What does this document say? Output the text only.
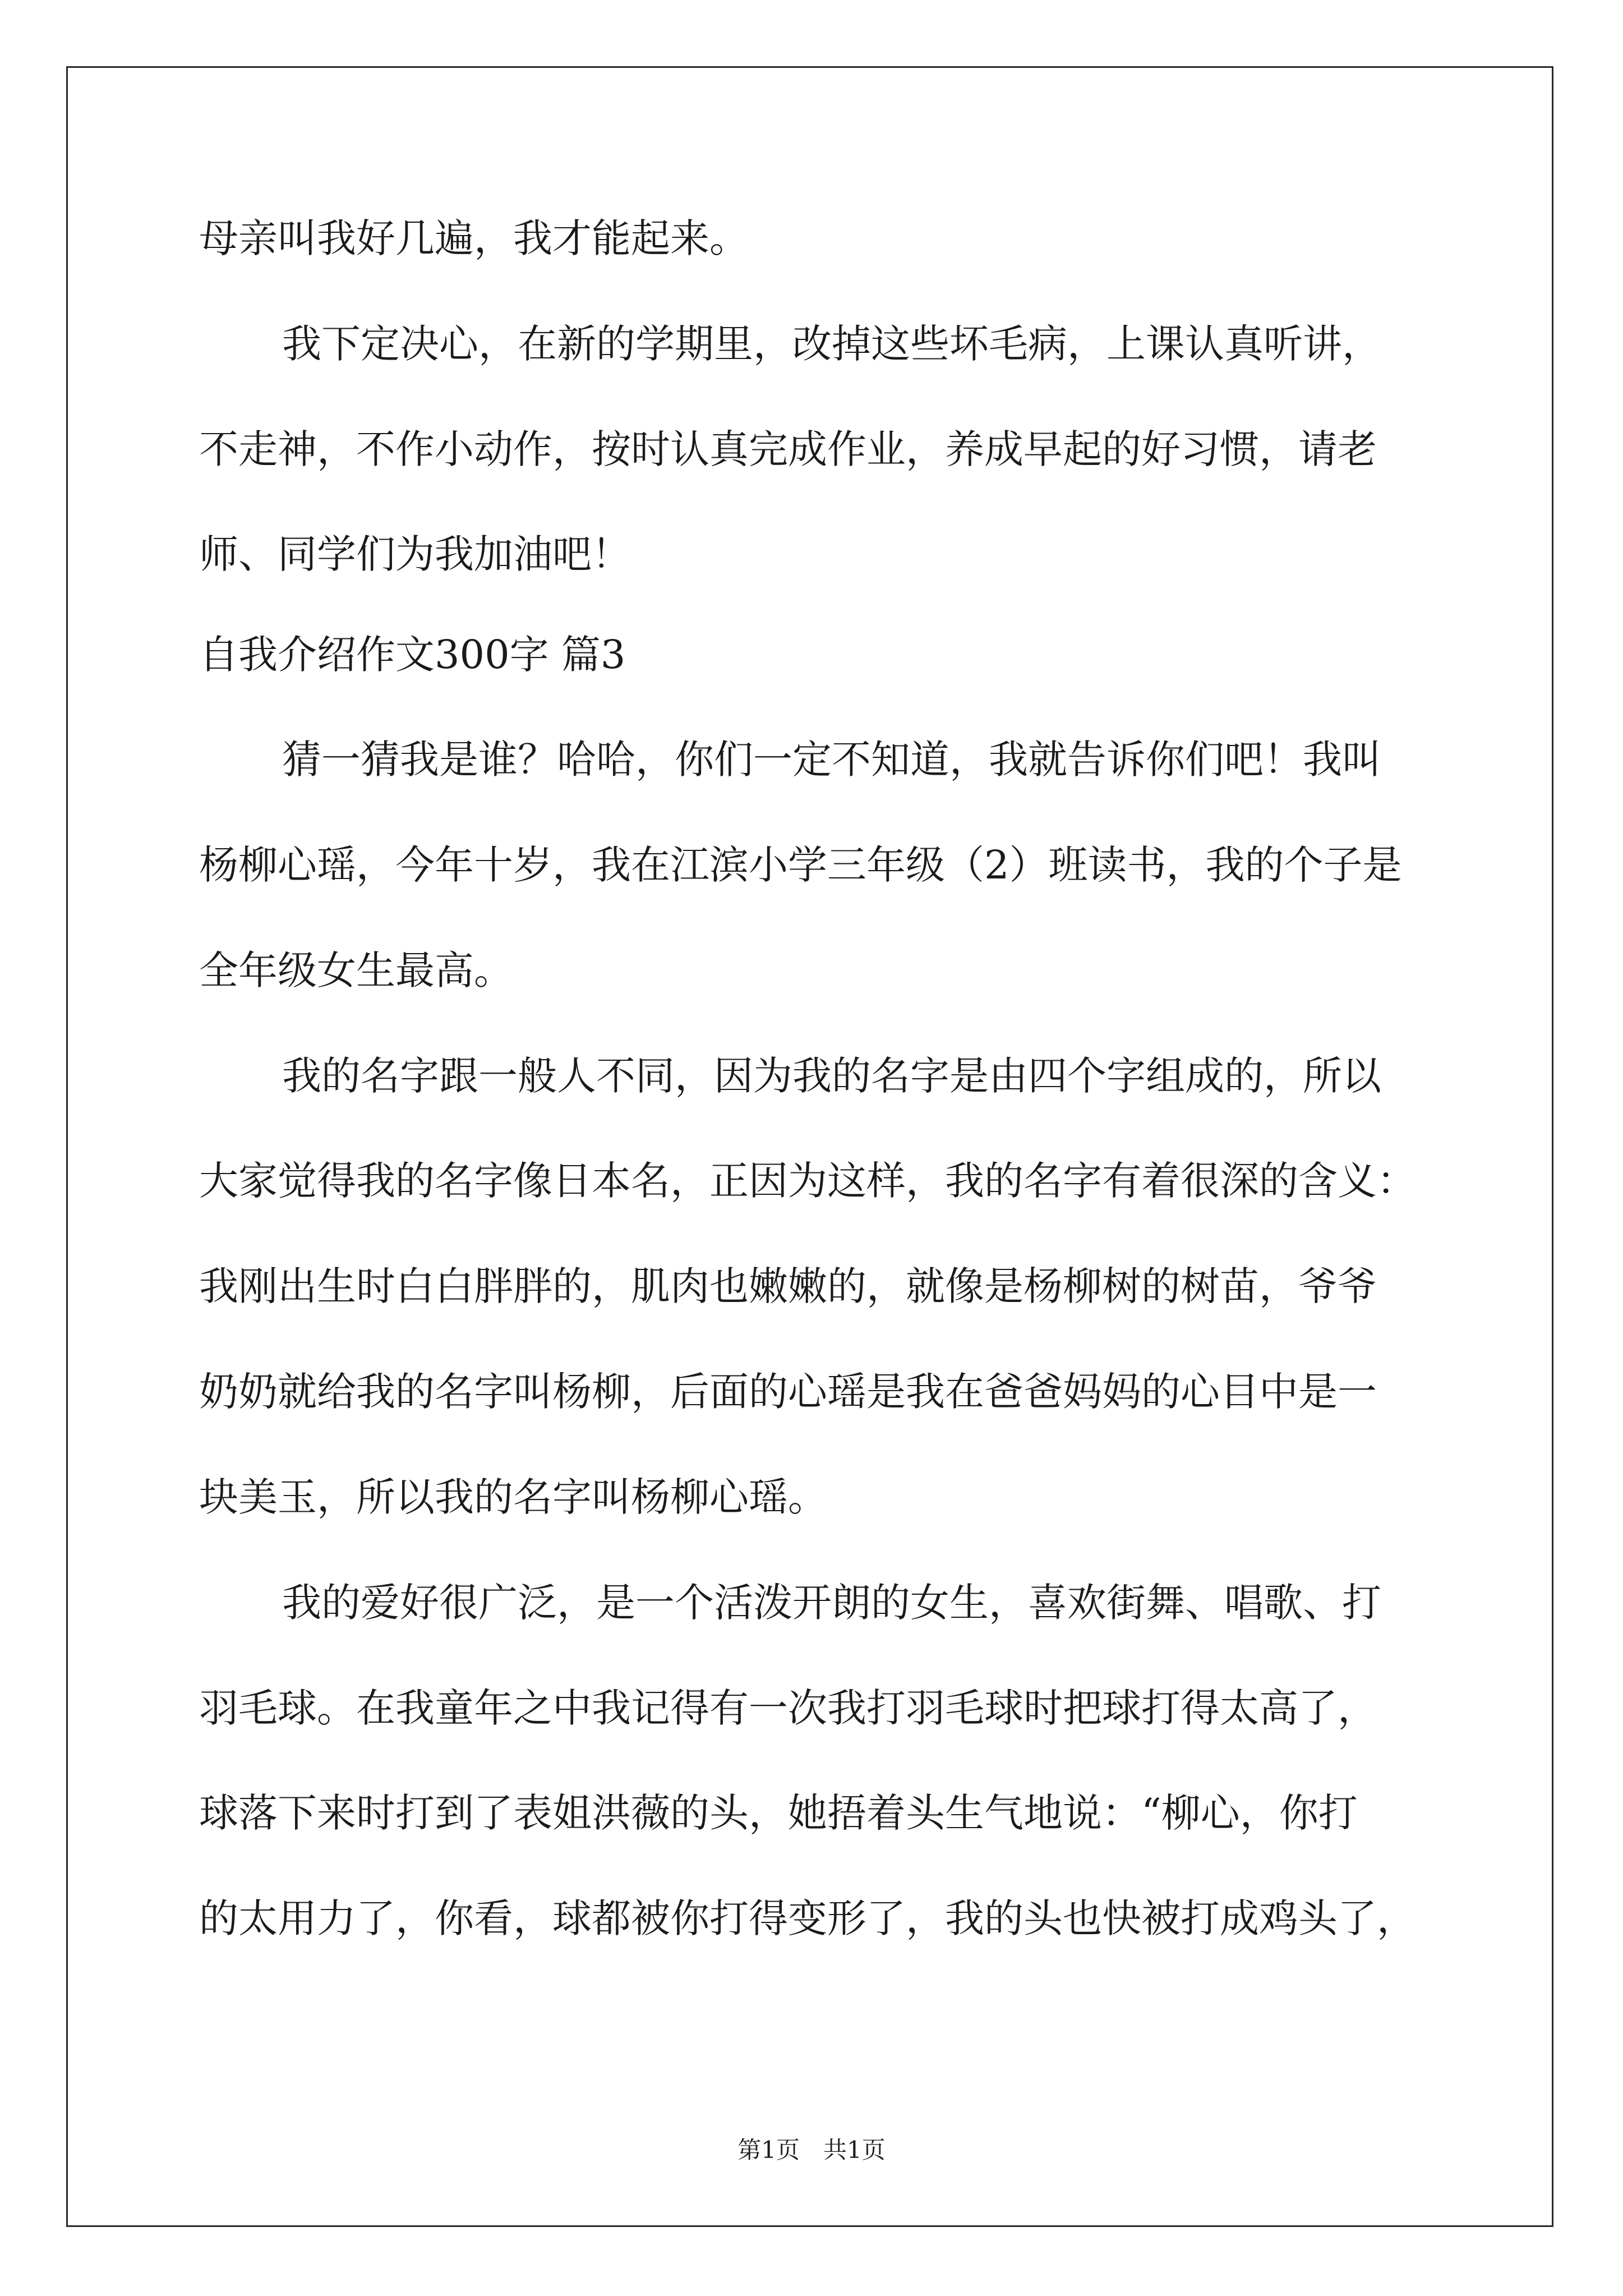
母亲叫我好几遍，我才能起来。
我下定决心，在新的学期里，改掉这些坏毛病，上课认真听讲，
不走神，不作小动作，按时认真完成作业，养成早起的好习惯，请老
师、同学们为我加油吧！
自我介绍作文300字 篇3
猜一猜我是谁？哈哈，你们一定不知道，我就告诉你们吧！我叫
杨柳心瑶，今年十岁，我在江滨小学三年级（2）班读书，我的个子是
全年级女生最高。
我的名字跟一般人不同，因为我的名字是由四个字组成的，所以
大家觉得我的名字像日本名，正因为这样，我的名字有着很深的含义：
我刚出生时白白胖胖的，肌肉也嫩嫩的，就像是杨柳树的树苗，爷爷
奶奶就给我的名字叫杨柳，后面的心瑶是我在爸爸妈妈的心目中是一
块美玉，所以我的名字叫杨柳心瑶。
我的爱好很广泛，是一个活泼开朗的女生，喜欢街舞、唱歌、打
羽毛球。在我童年之中我记得有一次我打羽毛球时把球打得太高了，
球落下来时打到了表姐洪薇的头，她捂着头生气地说：“柳心，你打
的太用力了，你看，球都被你打得变形了，我的头也快被打成鸡头了，
第1页　共1页
